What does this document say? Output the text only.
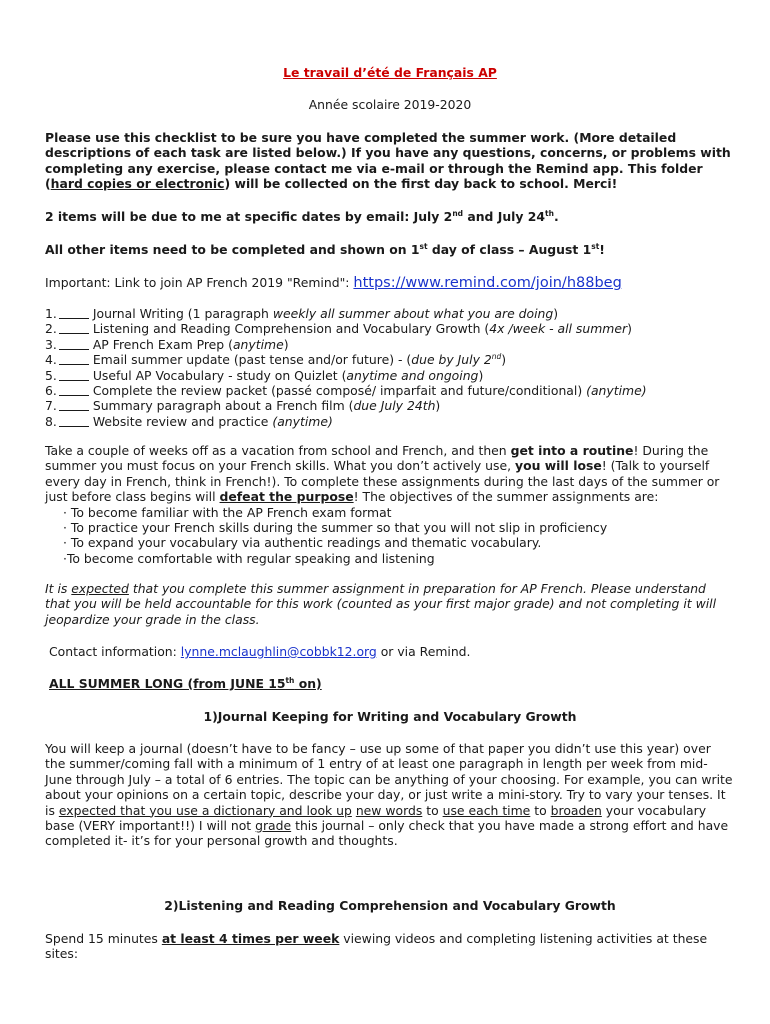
Le travail d’été de Français AP
Année scolaire 2019-2020
Please use this checklist to be sure you have completed the summer work. (More detailed descriptions of each task are listed below.) If you have any questions, concerns, or problems with completing any exercise, please contact me via e-mail or through the Remind app. This folder (hard copies or electronic) will be collected on the first day back to school. Merci!
2 items will be due to me at specific dates by email: July 2nd and July 24th.
All other items need to be completed and shown on 1st day of class – August 1st!
Important: Link to join AP French 2019 "Remind": https://www.remind.com/join/h88beg
1.	Journal Writing (1 paragraph weekly all summer about what you are doing)
2.	Listening and Reading Comprehension and Vocabulary Growth (4x /week - all summer)
3.	AP French Exam Prep (anytime)
4.	Email summer update (past tense and/or future) - (due by July 2nd)
5.	Useful AP Vocabulary - study on Quizlet (anytime and ongoing)
6.	Complete the review packet (passé composé/ imparfait and future/conditional) (anytime)
7.	Summary paragraph about a French film (due July 24th)
8.	Website review and practice (anytime)
Take a couple of weeks off as a vacation from school and French, and then get into a routine! During the summer you must focus on your French skills. What you don’t actively use, you will lose! (Talk to yourself every day in French, think in French!). To complete these assignments during the last days of the summer or just before class begins will defeat the purpose! The objectives of the summer assignments are:
· To become familiar with the AP French exam format
· To practice your French skills during the summer so that you will not slip in proficiency
· To expand your vocabulary via authentic readings and thematic vocabulary.
·To become comfortable with regular speaking and listening
It is expected that you complete this summer assignment in preparation for AP French. Please understand that you will be held accountable for this work (counted as your first major grade) and not completing it will jeopardize your grade in the class.
Contact information: lynne.mclaughlin@cobbk12.org or via Remind.
ALL SUMMER LONG (from JUNE 15th on)
1)Journal Keeping for Writing and Vocabulary Growth
You will keep a journal (doesn’t have to be fancy – use up some of that paper you didn’t use this year) over the summer/coming fall with a minimum of 1 entry of at least one paragraph in length per week from mid-June through July – a total of 6 entries. The topic can be anything of your choosing. For example, you can write about your opinions on a certain topic, describe your day, or just write a mini-story. Try to vary your tenses. It is expected that you use a dictionary and look up new words to use each time to broaden your vocabulary base (VERY important!!) I will not grade this journal – only check that you have made a strong effort and have completed it- it’s for your personal growth and thoughts.
2)Listening and Reading Comprehension and Vocabulary Growth
Spend 15 minutes at least 4 times per week viewing videos and completing listening activities at these sites:
